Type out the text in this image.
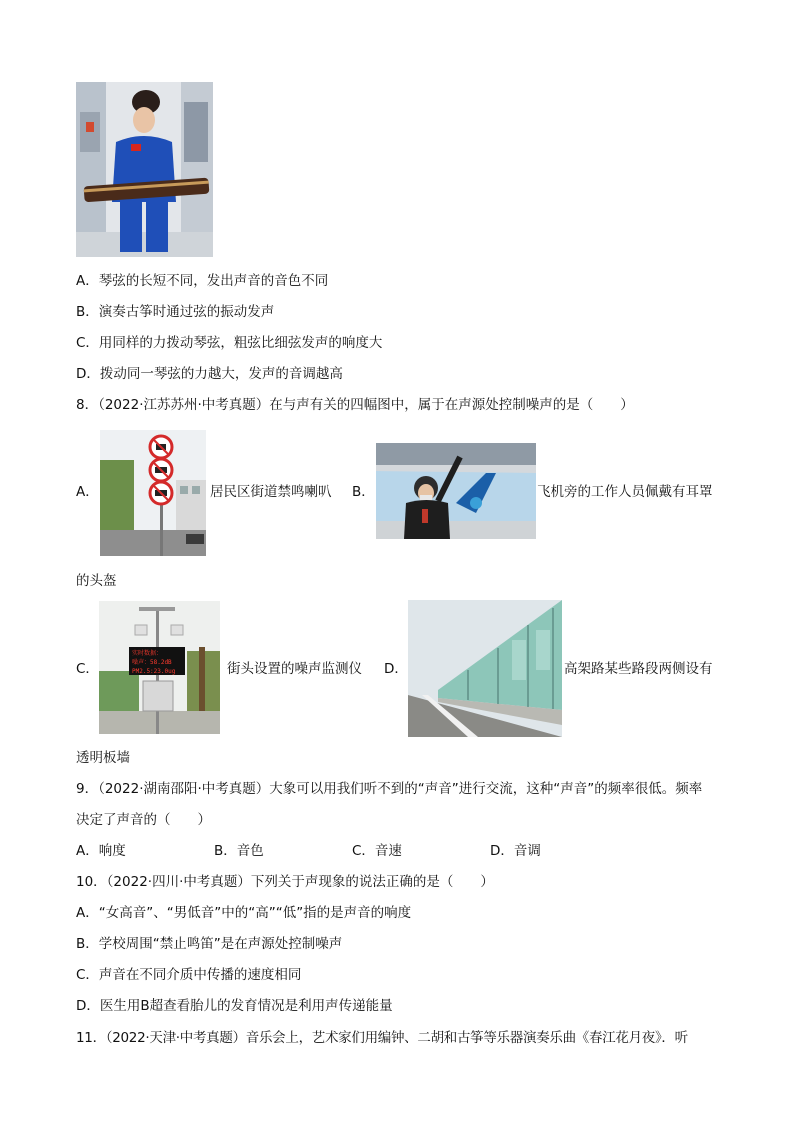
A．琴弦的长短不同，发出声音的音色不同
B．演奏古筝时通过弦的振动发声
C．用同样的力拨动琴弦，粗弦比细弦发声的响度大
D．拨动同一琴弦的力越大，发声的音调越高
8．（2022·江苏苏州·中考真题）在与声有关的四幅图中，属于在声源处控制噪声的是（　　）
A．	居民区街道禁鸣喇叭 B．	飞机旁的工作人员佩戴有耳罩
的头盔
C．
实时数据：
噪声：58.2dB
PM2.5:23.0ug	街头设置的噪声监测仪 D．	高架路某些路段两侧设有
透明板墙
9．（2022·湖南邵阳·中考真题）大象可以用我们听不到的“声音”进行交流，这种“声音”的频率很低。频率
决定了声音的（　　）
A．响度	B．音色	C．音速	D．音调
10．（2022·四川·中考真题）下列关于声现象的说法正确的是（　　）
A．“女高音”、“男低音”中的“高”“低”指的是声音的响度
B．学校周围“禁止鸣笛”是在声源处控制噪声
C．声音在不同介质中传播的速度相同
D．医生用B超查看胎儿的发育情况是利用声传递能量
11．（2022·天津·中考真题）音乐会上，艺术家们用编钟、二胡和古筝等乐器演奏乐曲《春江花月夜》．听
